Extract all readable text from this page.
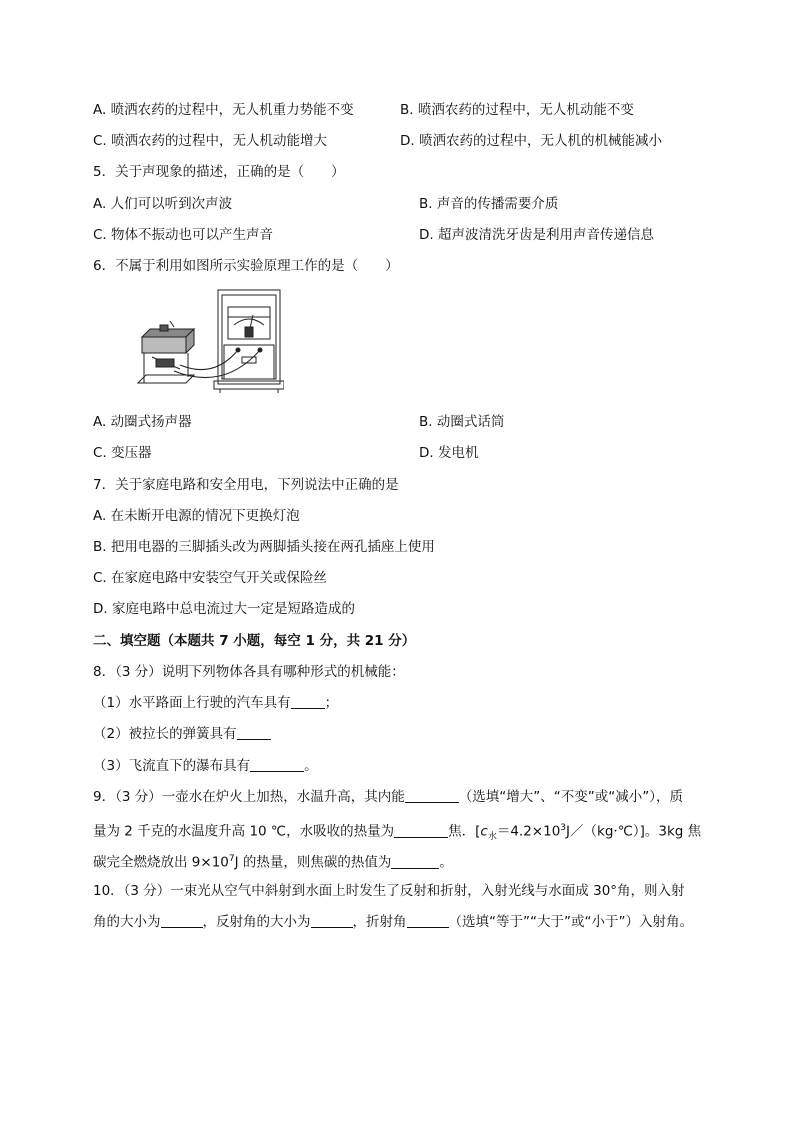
A. 喷洒农药的过程中，无人机重力势能不变	B. 喷洒农药的过程中，无人机动能不变
C. 喷洒农药的过程中，无人机动能增大	D. 喷洒农药的过程中，无人机的机械能减小
5．关于声现象的描述，正确的是（　　）
A. 人们可以听到次声波	B. 声音的传播需要介质
C. 物体不振动也可以产生声音	D. 超声波清洗牙齿是利用声音传递信息
6．不属于利用如图所示实验原理工作的是（　　）
A. 动圈式扬声器	B. 动圈式话筒
C. 变压器	D. 发电机
7．关于家庭电路和安全用电，下列说法中正确的是
A. 在未断开电源的情况下更换灯泡
B. 把用电器的三脚插头改为两脚插头接在两孔插座上使用
C. 在家庭电路中安装空气开关或保险丝
D. 家庭电路中总电流过大一定是短路造成的
二、填空题（本题共 7 小题，每空 1 分，共 21 分）
8．（3 分）说明下列物体各具有哪种形式的机械能：
（1）水平路面上行驶的汽车具有	；
（2）被拉长的弹簧具有
（3）飞流直下的瀑布具有	。
9．（3 分）一壶水在炉火上加热，水温升高，其内能	（选填“增大”、“不变”或“减小”），质
量为 2 千克的水温度升高 10 ℃，水吸收的热量为	焦．$[c_水=4.2\times 10^3J/(kg\cdot℃)]$。3kg 焦
碳完全燃烧放出 $9\times 10^7J$ 的热量，则焦碳的热值为	。
10．（3 分）一束光从空气中斜射到水面上时发生了反射和折射，入射光线与水面成 30°角，则入射
角的大小为	，反射角的大小为	，折射角	（选填“等于”“大于”或“小于”）入射角。
